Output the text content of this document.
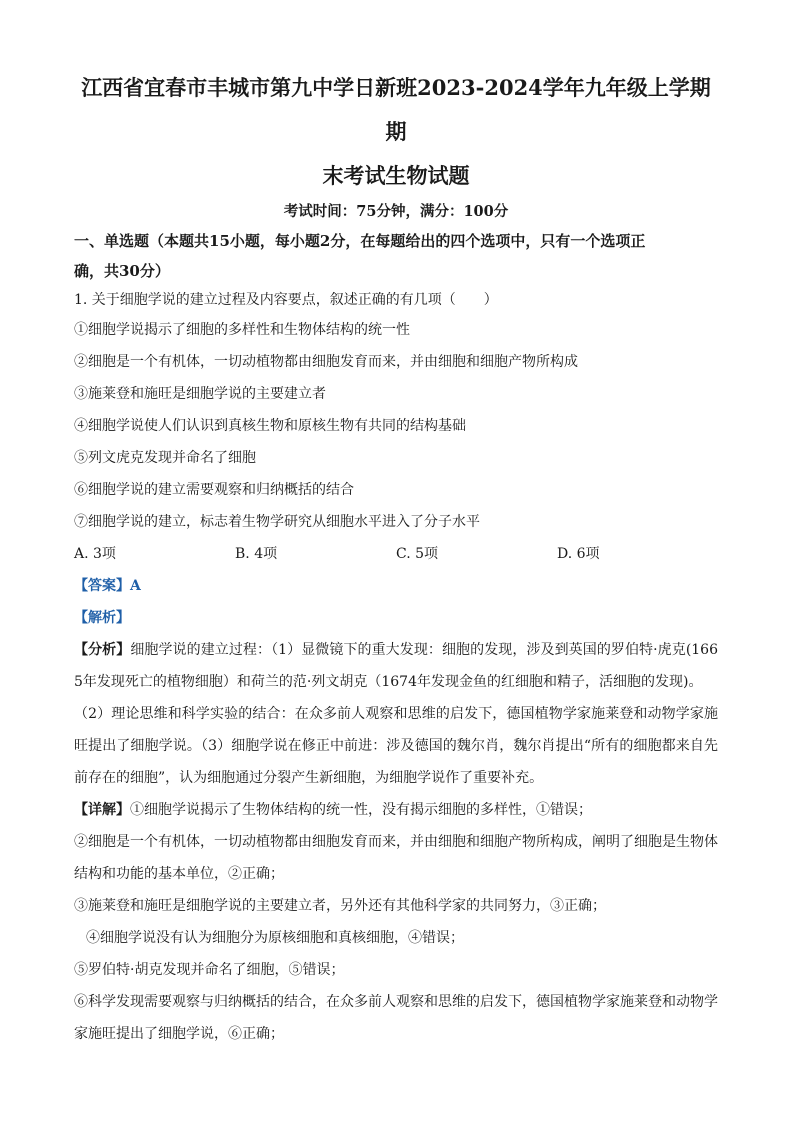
江西省宜春市丰城市第九中学日新班2023-2024学年九年级上学期期
末考试生物试题
考试时间：75分钟，满分：100分
一、单选题（本题共15小题，每小题2分，在每题给出的四个选项中，只有一个选项正
确，共30分）
1. 关于细胞学说的建立过程及内容要点，叙述正确的有几项（　　）
①细胞学说揭示了细胞的多样性和生物体结构的统一性
②细胞是一个有机体，一切动植物都由细胞发育而来，并由细胞和细胞产物所构成
③施莱登和施旺是细胞学说的主要建立者
④细胞学说使人们认识到真核生物和原核生物有共同的结构基础
⑤列文虎克发现并命名了细胞
⑥细胞学说的建立需要观察和归纳概括的结合
⑦细胞学说的建立，标志着生物学研究从细胞水平进入了分子水平
A. 3项	B. 4项	C. 5项	D. 6项
【答案】A
【解析】

【分析】细胞学说的建立过程：（1）显微镜下的重大发现：细胞的发现，涉及到英国的罗伯特·虎克(1665年发现死亡的植物细胞）和荷兰的范·列文胡克（1674年发现金鱼的红细胞和精子，活细胞的发现)。

（2）理论思维和科学实验的结合：在众多前人观察和思维的启发下，德国植物学家施莱登和动物学家施旺提出了细胞学说。（3）细胞学说在修正中前进：涉及德国的魏尔肖，魏尔肖提出“所有的细胞都来自先前存在的细胞”，认为细胞通过分裂产生新细胞，为细胞学说作了重要补充。

【详解】①细胞学说揭示了生物体结构的统一性，没有揭示细胞的多样性，①错误；

②细胞是一个有机体，一切动植物都由细胞发育而来，并由细胞和细胞产物所构成，阐明了细胞是生物体结构和功能的基本单位，②正确；

③施莱登和施旺是细胞学说的主要建立者，另外还有其他科学家的共同努力，③正确；

④细胞学说没有认为细胞分为原核细胞和真核细胞，④错误；

⑤罗伯特·胡克发现并命名了细胞，⑤错误；

⑥科学发现需要观察与归纳概括的结合，在众多前人观察和思维的启发下，德国植物学家施莱登和动物学家施旺提出了细胞学说，⑥正确；
